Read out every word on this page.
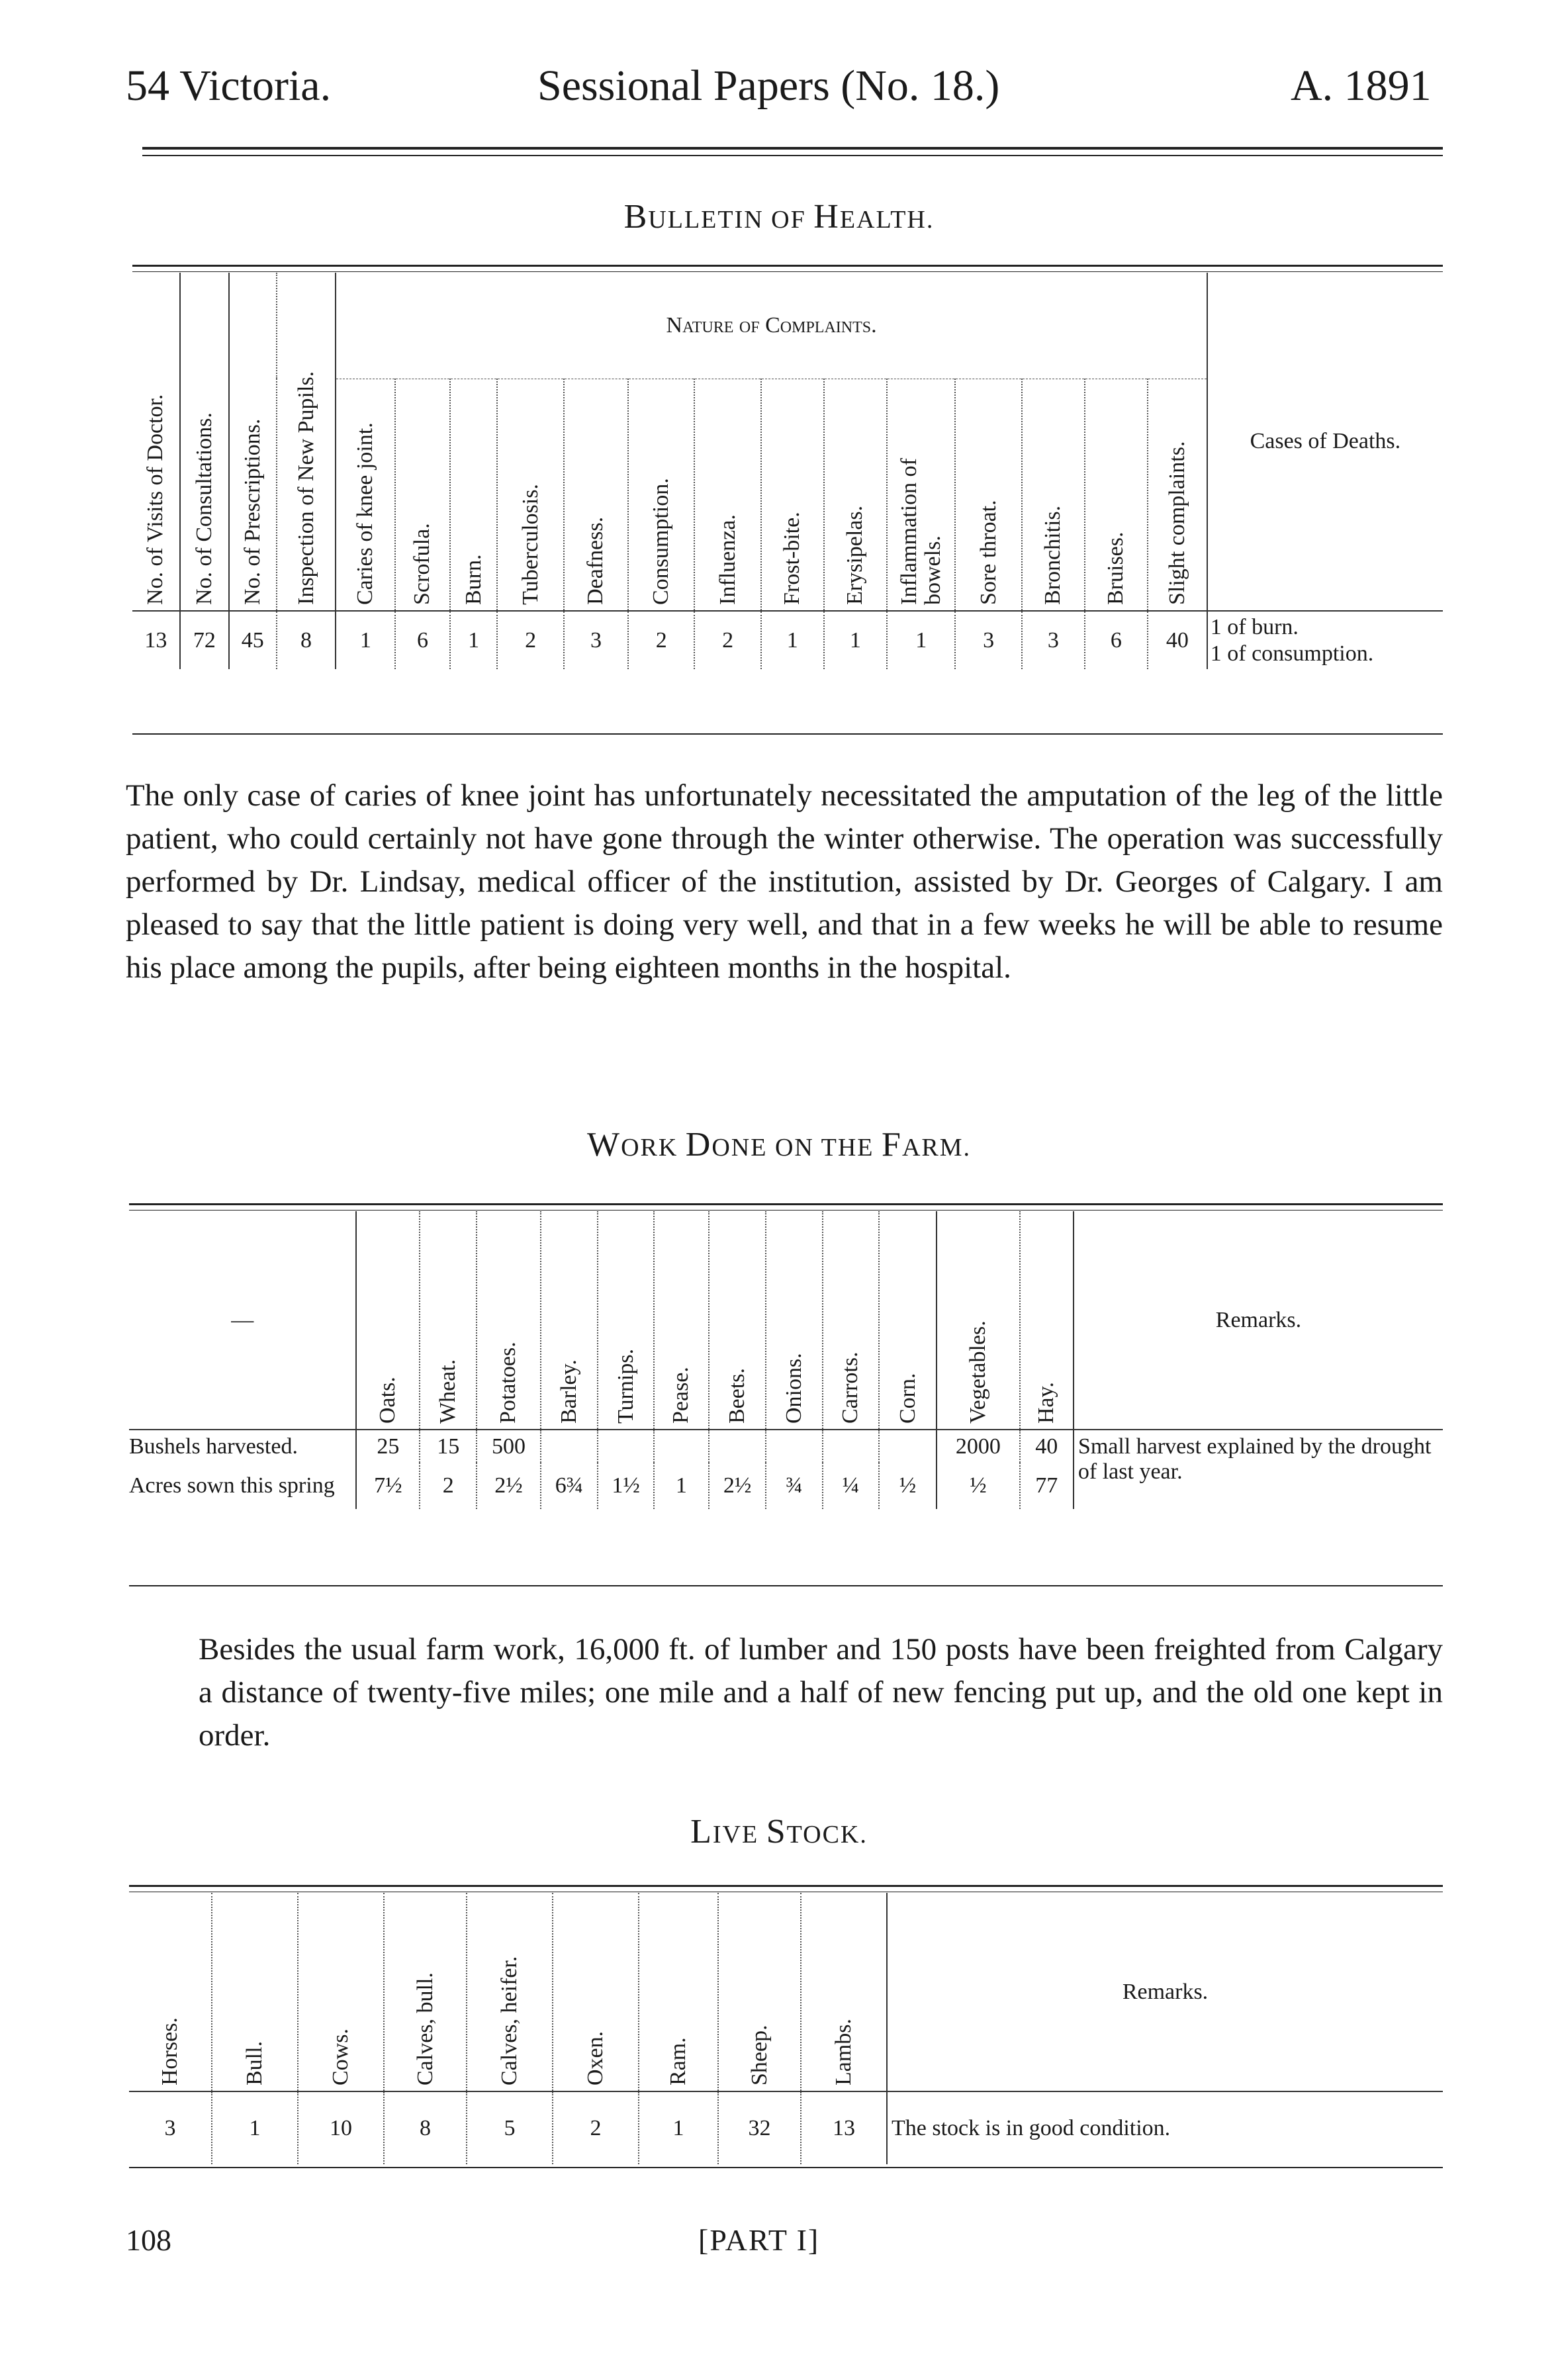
54 Victoria.	Sessional Papers (No. 18.)	A. 1891
BULLETIN OF HEALTH.
No. of Visits of Doctor.	No. of Consultations.	No. of Prescriptions.	Inspection of New Pupils.	Nature of Complaints.														Cases of Deaths.

				Caries of knee joint.	Scrofula.	Burn.	Tuberculosis.	Deafness.	Consumption.	Influenza.	Frost-bite.	Erysipelas.	Inflammation of bowels.	Sore throat.	Bronchitis.	Bruises.	Slight complaints.	

13	72	45	8	1	6	1	2	3	2	2	1	1	1	3	3	6	40	1 of burn.
1 of consumption.
The only case of caries of knee joint has unfortunately necessitated the amputation of the leg of the little patient, who could certainly not have gone through the winter otherwise. The operation was successfully performed by Dr. Lindsay, medical officer of the institution, assisted by Dr. Georges of Calgary. I am pleased to say that the little patient is doing very well, and that in a few weeks he will be able to resume his place among the pupils, after being eighteen months in the hospital.
WORK DONE ON THE FARM.
—	Oats.	Wheat.	Potatoes.	Barley.	Turnips.	Pease.	Beets.	Onions.	Carrots.	Corn.	Vegetables.	Hay.	Remarks.
Bushels harvested.	25	15	500								2000	40	Small harvest explained by the drought of last year.
Acres sown this spring	7½	2	2½	6¾	1½	1	2½	¾	¼	½	½	77	
Besides the usual farm work, 16,000 ft. of lumber and 150 posts have been freighted from Calgary a distance of twenty-five miles; one mile and a half of new fencing put up, and the old one kept in order.
LIVE STOCK.
Horses.	Bull.	Cows.	Calves, bull.	Calves, heifer.	Oxen.	Ram.	Sheep.	Lambs.	Remarks.
3	1	10	8	5	2	1	32	13	The stock is in good condition.
108	[PART I]
